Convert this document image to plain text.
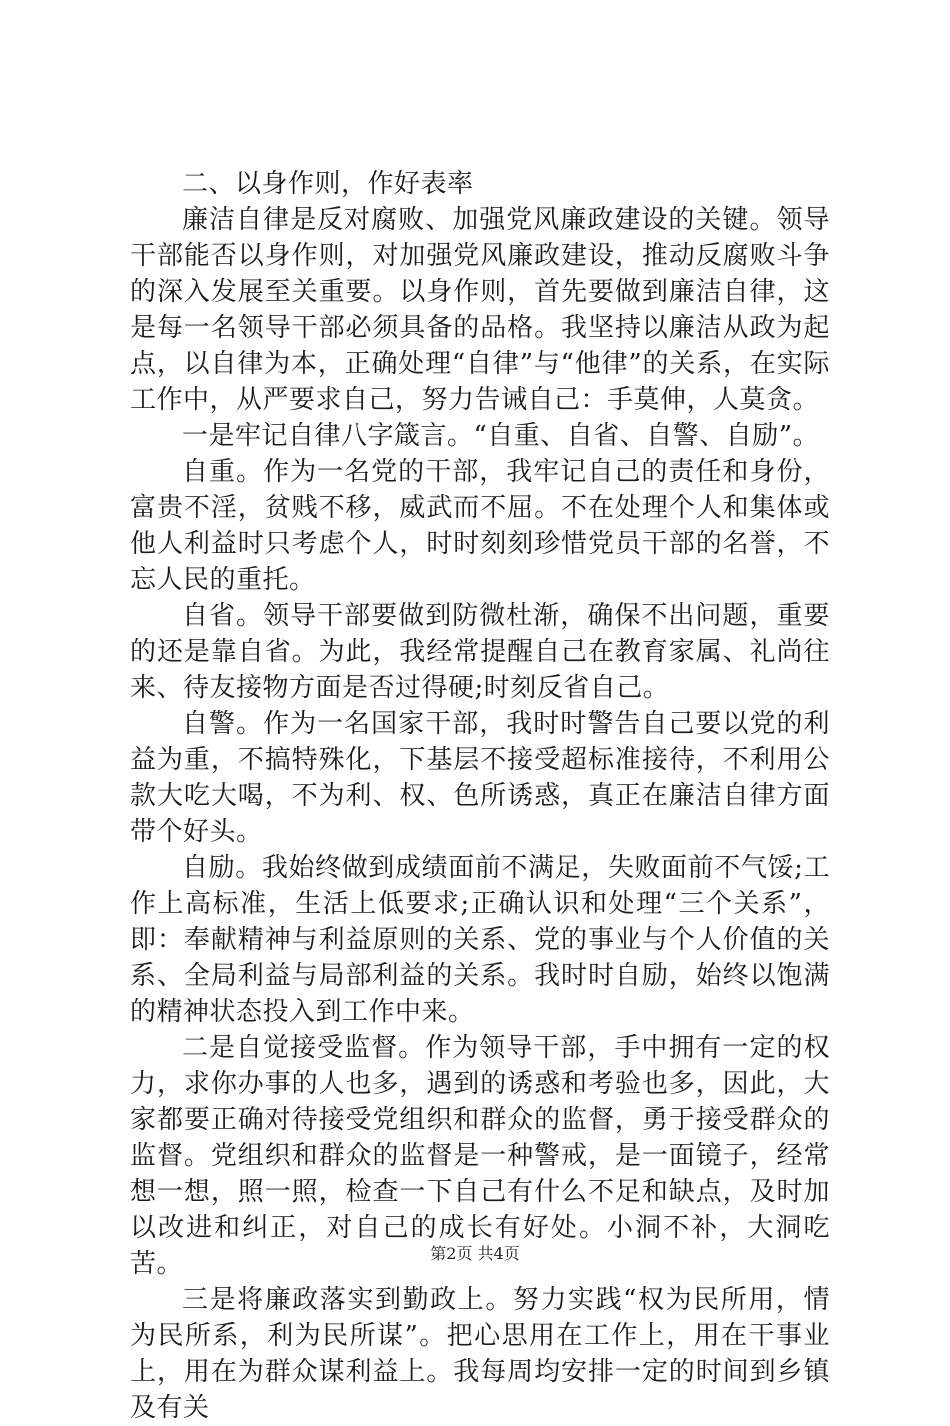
二、以身作则，作好表率

廉洁自律是反对腐败、加强党风廉政建设的关键。领导干部能否以身作则，对加强党风廉政建设，推动反腐败斗争的深入发展至关重要。以身作则，首先要做到廉洁自律，这是每一名领导干部必须具备的品格。我坚持以廉洁从政为起点，以自律为本，正确处理“自律”与“他律”的关系，在实际工作中，从严要求自己，努力告诫自己：手莫伸，人莫贪。

一是牢记自律八字箴言。“自重、自省、自警、自励”。

自重。作为一名党的干部，我牢记自己的责任和身份，富贵不淫，贫贱不移，威武而不屈。不在处理个人和集体或他人利益时只考虑个人，时时刻刻珍惜党员干部的名誉，不忘人民的重托。

自省。领导干部要做到防微杜渐，确保不出问题，重要的还是靠自省。为此，我经常提醒自己在教育家属、礼尚往来、待友接物方面是否过得硬;时刻反省自己。

自警。作为一名国家干部，我时时警告自己要以党的利益为重，不搞特殊化，下基层不接受超标准接待，不利用公款大吃大喝，不为利、权、色所诱惑，真正在廉洁自律方面带个好头。

自励。我始终做到成绩面前不满足，失败面前不气馁;工作上高标准，生活上低要求;正确认识和处理“三个关系”，即：奉献精神与利益原则的关系、党的事业与个人价值的关系、全局利益与局部利益的关系。我时时自励，始终以饱满的精神状态投入到工作中来。

二是自觉接受监督。作为领导干部，手中拥有一定的权力，求你办事的人也多，遇到的诱惑和考验也多，因此，大家都要正确对待接受党组织和群众的监督，勇于接受群众的监督。党组织和群众的监督是一种警戒，是一面镜子，经常想一想，照一照，检查一下自己有什么不足和缺点，及时加以改进和纠正，对自己的成长有好处。小洞不补，大洞吃苦。

三是将廉政落实到勤政上。努力实践“权为民所用，情为民所系，利为民所谋”。把心思用在工作上，用在干事业上，用在为群众谋利益上。我每周均安排一定的时间到乡镇及有关

第2页 共4页
